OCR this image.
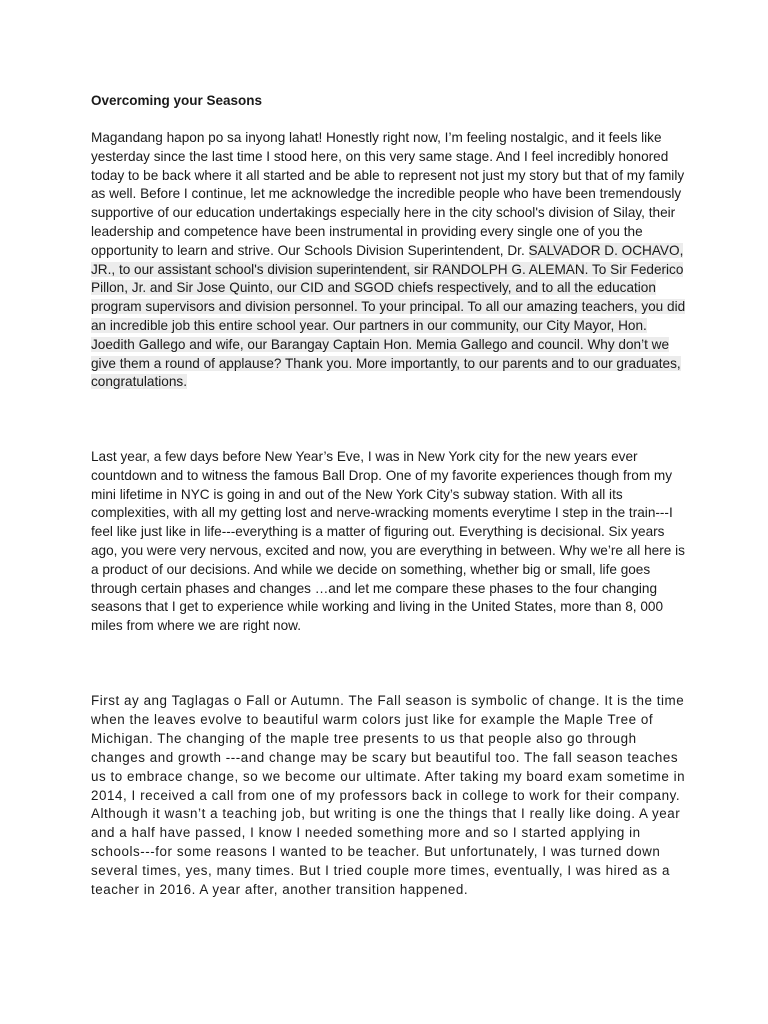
Overcoming your Seasons

Magandang hapon po sa inyong lahat! Honestly right now, I’m feeling nostalgic, and it feels like yesterday since the last time I stood here, on this very same stage. And I feel incredibly honored today to be back where it all started and be able to represent not just my story but that of my family as well. Before I continue, let me acknowledge the incredible people who have been tremendously supportive of our education undertakings especially here in the city school's division of Silay, their leadership and competence have been instrumental in providing every single one of you the opportunity to learn and strive. Our Schools Division Superintendent, Dr. SALVADOR D. OCHAVO, JR., to our assistant school's division superintendent, sir RANDOLPH G. ALEMAN. To Sir Federico Pillon, Jr. and Sir Jose Quinto, our CID and SGOD chiefs respectively, and to all the education program supervisors and division personnel. To your principal. To all our amazing teachers, you did an incredible job this entire school year. Our partners in our community, our City Mayor, Hon. Joedith Gallego and wife, our Barangay Captain Hon. Memia Gallego and council. Why don’t we give them a round of applause? Thank you. More importantly, to our parents and to our graduates, congratulations.

Last year, a few days before New Year’s Eve, I was in New York city for the new years ever countdown and to witness the famous Ball Drop. One of my favorite experiences though from my mini lifetime in NYC is going in and out of the New York City’s subway station. With all its complexities, with all my getting lost and nerve-wracking moments everytime I step in the train---I feel like just like in life---everything is a matter of figuring out. Everything is decisional. Six years ago, you were very nervous, excited and now, you are everything in between. Why we’re all here is a product of our decisions. And while we decide on something, whether big or small, life goes through certain phases and changes …and let me compare these phases to the four changing seasons that I get to experience while working and living in the United States, more than 8, 000 miles from where we are right now.

First ay ang Taglagas o Fall or Autumn. The Fall season is symbolic of change. It is the time when the leaves evolve to beautiful warm colors just like for example the Maple Tree of Michigan. The changing of the maple tree presents to us that people also go through changes and growth ---and change may be scary but beautiful too. The fall season teaches us to embrace change, so we become our ultimate. After taking my board exam sometime in 2014, I received a call from one of my professors back in college to work for their company. Although it wasn’t a teaching job, but writing is one the things that I really like doing. A year and a half have passed, I know I needed something more and so I started applying in schools---for some reasons I wanted to be teacher. But unfortunately, I was turned down several times, yes, many times. But I tried couple more times, eventually, I was hired as a teacher in 2016. A year after, another transition happened.
